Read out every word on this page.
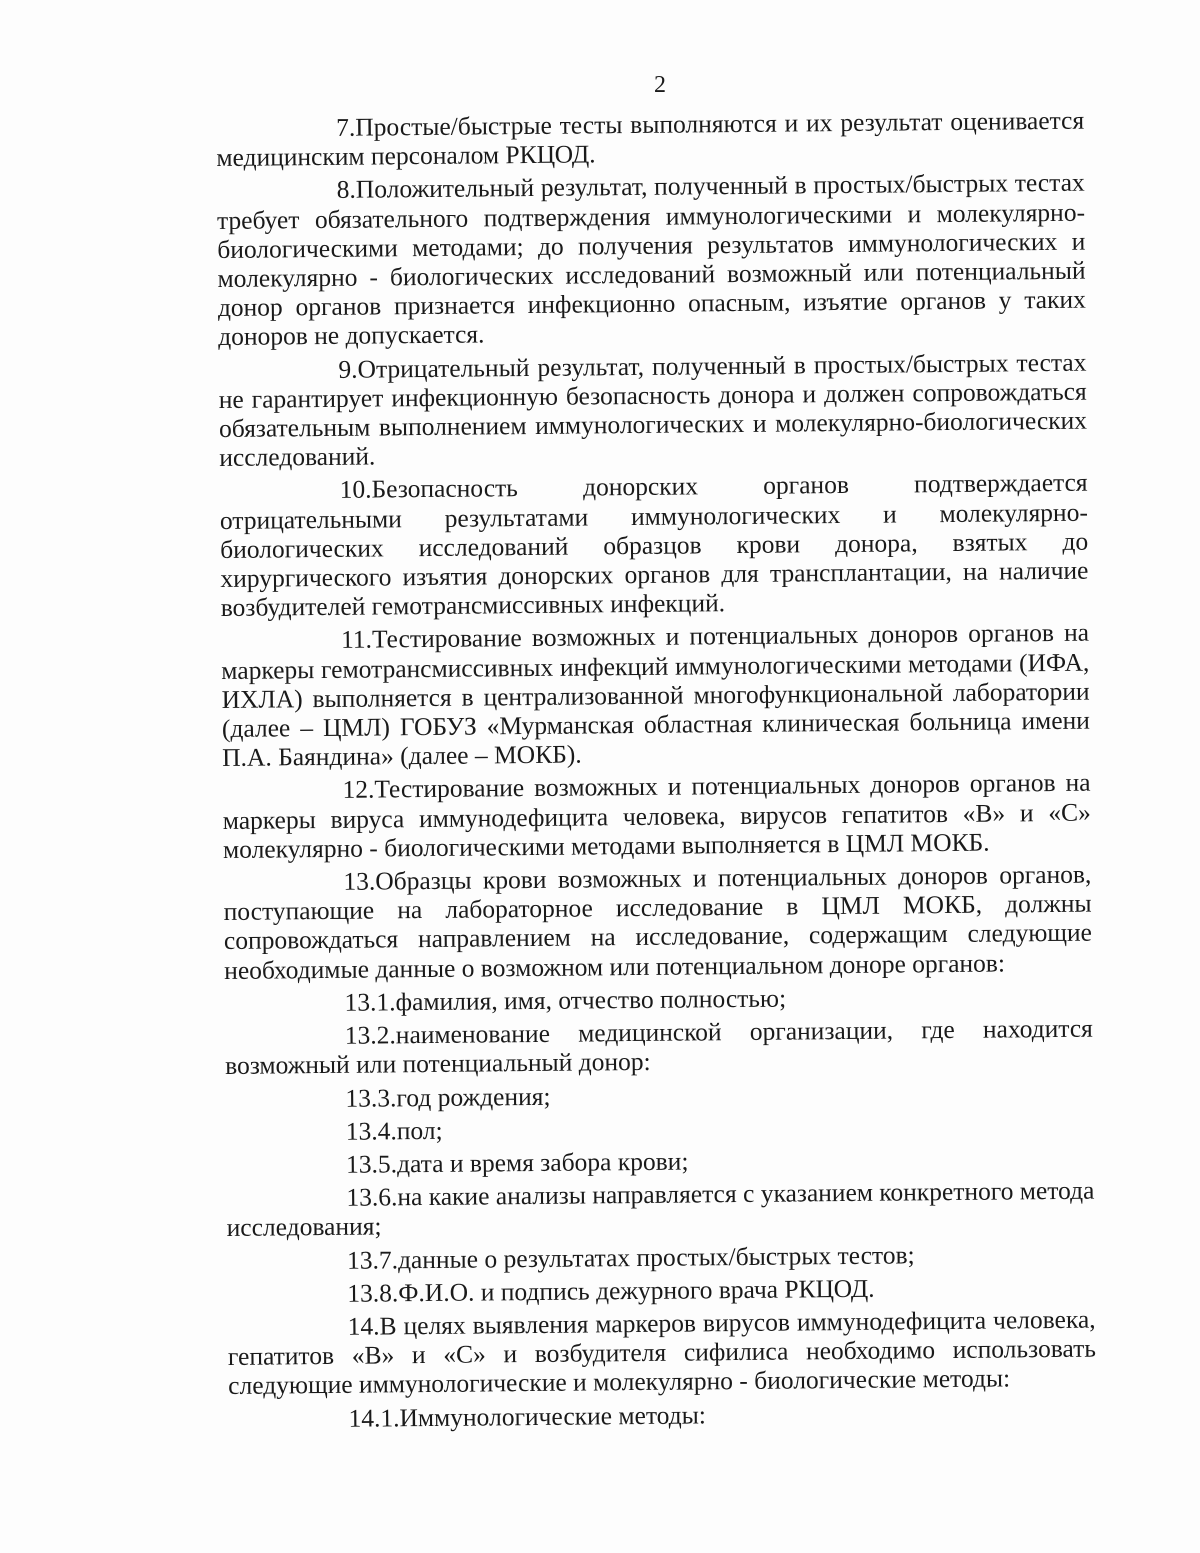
2

7.Простые/быстрые тесты выполняются и их результат оценивается медицинским персоналом РКЦОД.

8.Положительный результат, полученный в простых/быстрых тестах требует обязательного подтверждения иммунологическими и молекулярно-биологическими методами; до получения результатов иммунологических и молекулярно - биологических исследований возможный или потенциальный донор органов признается инфекционно опасным, изъятие органов у таких доноров не допускается.

9.Отрицательный результат, полученный в простых/быстрых тестах не гарантирует инфекционную безопасность донора и должен сопровождаться обязательным выполнением иммунологических и молекулярно-биологических исследований.

10.Безопасность донорских органов подтверждается отрицательными результатами иммунологических и молекулярно-биологических исследований образцов крови донора, взятых до хирургического изъятия донорских органов для трансплантации, на наличие возбудителей гемотрансмиссивных инфекций.

11.Тестирование возможных и потенциальных доноров органов на маркеры гемотрансмиссивных инфекций иммунологическими методами (ИФА, ИХЛА) выполняется в централизованной многофункциональной лаборатории (далее – ЦМЛ) ГОБУЗ «Мурманская областная клиническая больница имени П.А. Баяндина» (далее – МОКБ).

12.Тестирование возможных и потенциальных доноров органов на маркеры вируса иммунодефицита человека, вирусов гепатитов «В» и «С» молекулярно - биологическими методами выполняется в ЦМЛ МОКБ.

13.Образцы крови возможных и потенциальных доноров органов, поступающие на лабораторное исследование в ЦМЛ МОКБ, должны сопровождаться направлением на исследование, содержащим следующие необходимые данные о возможном или потенциальном доноре органов:

13.1.фамилия, имя, отчество полностью;

13.2.наименование медицинской организации, где находится возможный или потенциальный донор:

13.3.год рождения;

13.4.пол;

13.5.дата и время забора крови;

13.6.на какие анализы направляется с указанием конкретного метода исследования;

13.7.данные о результатах простых/быстрых тестов;

13.8.Ф.И.О. и подпись дежурного врача РКЦОД.

14.В целях выявления маркеров вирусов иммунодефицита человека, гепатитов «В» и «С» и возбудителя сифилиса необходимо использовать следующие иммунологические и молекулярно - биологические методы:

14.1.Иммунологические методы:
